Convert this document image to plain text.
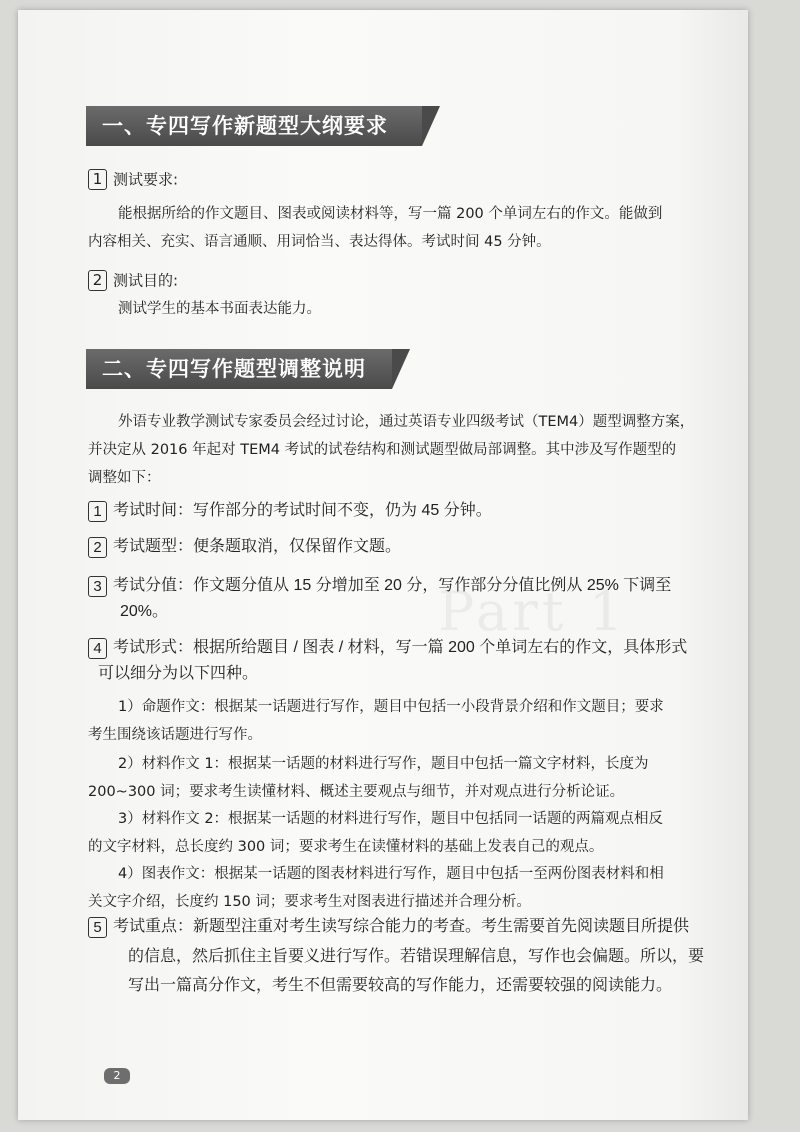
Part 1
一、专四写作新题型大纲要求
1 测试要求:
能根据所给的作文题目、图表或阅读材料等，写一篇 200 个单词左右的作文。能做到
内容相关、充实、语言通顺、用词恰当、表达得体。考试时间 45 分钟。
2 测试目的:
测试学生的基本书面表达能力。
二、专四写作题型调整说明
外语专业教学测试专家委员会经过讨论，通过英语专业四级考试（TEM4）题型调整方案，
并决定从 2016 年起对 TEM4 考试的试卷结构和测试题型做局部调整。其中涉及写作题型的
调整如下：
1 考试时间：写作部分的考试时间不变，仍为 45 分钟。
2 考试题型：便条题取消，仅保留作文题。
3 考试分值：作文题分值从 15 分增加至 20 分，写作部分分值比例从 25% 下调至
20%。
4 考试形式：根据所给题目 / 图表 / 材料，写一篇 200 个单词左右的作文，具体形式
可以细分为以下四种。
1）命题作文：根据某一话题进行写作，题目中包括一小段背景介绍和作文题目；要求
考生围绕该话题进行写作。
2）材料作文 1：根据某一话题的材料进行写作，题目中包括一篇文字材料，长度为
200~300 词；要求考生读懂材料、概述主要观点与细节，并对观点进行分析论证。
3）材料作文 2：根据某一话题的材料进行写作，题目中包括同一话题的两篇观点相反
的文字材料，总长度约 300 词；要求考生在读懂材料的基础上发表自己的观点。
4）图表作文：根据某一话题的图表材料进行写作，题目中包括一至两份图表材料和相
关文字介绍，长度约 150 词；要求考生对图表进行描述并合理分析。
5 考试重点：新题型注重对考生读写综合能力的考查。考生需要首先阅读题目所提供
的信息，然后抓住主旨要义进行写作。若错误理解信息，写作也会偏题。所以，要
写出一篇高分作文，考生不但需要较高的写作能力，还需要较强的阅读能力。
2
